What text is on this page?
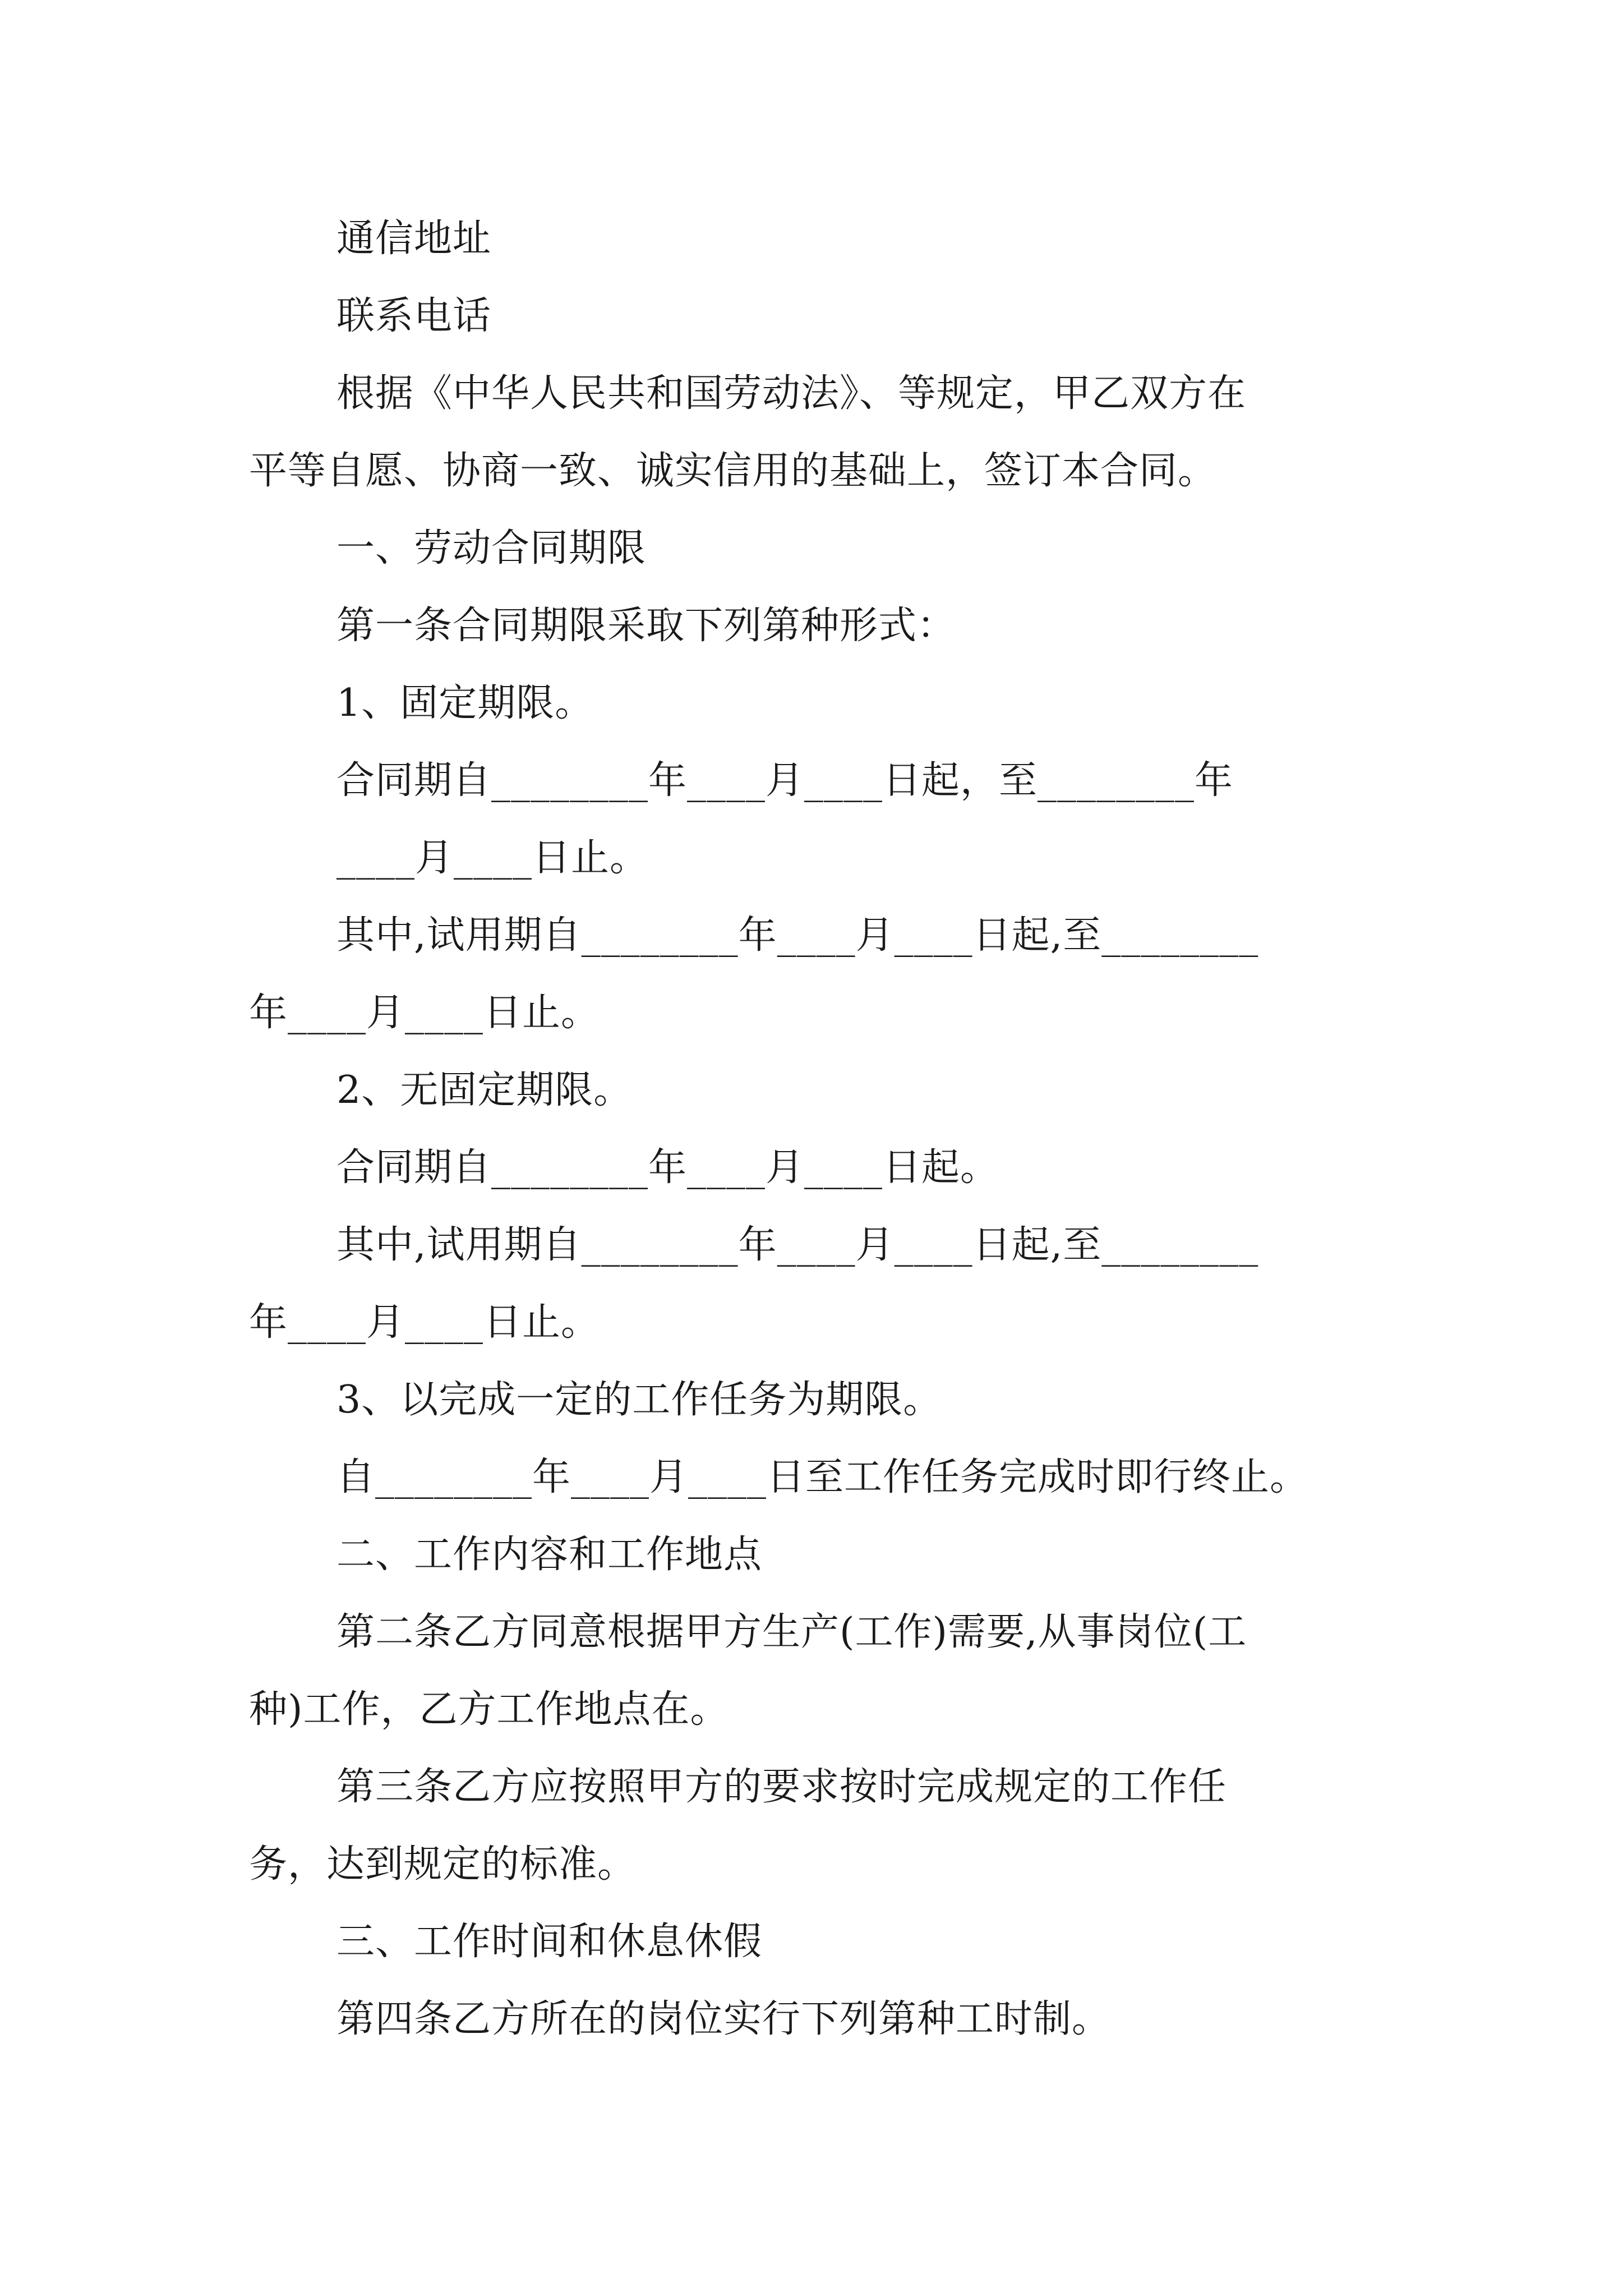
通信地址
联系电话
根据《中华人民共和国劳动法》、等规定，甲乙双方在
平等自愿、协商一致、诚实信用的基础上，签订本合同。
一、劳动合同期限
第一条合同期限采取下列第种形式：
1、固定期限。
合同期自________年____月____日起，至________年
____月____日止。
其中,试用期自________年____月____日起,至________
年____月____日止。
2、无固定期限。
合同期自________年____月____日起。
其中,试用期自________年____月____日起,至________
年____月____日止。
3、以完成一定的工作任务为期限。
自________年____月____日至工作任务完成时即行终止。
二、工作内容和工作地点
第二条乙方同意根据甲方生产(工作)需要,从事岗位(工
种)工作，乙方工作地点在。
第三条乙方应按照甲方的要求按时完成规定的工作任
务，达到规定的标准。
三、工作时间和休息休假
第四条乙方所在的岗位实行下列第种工时制。
